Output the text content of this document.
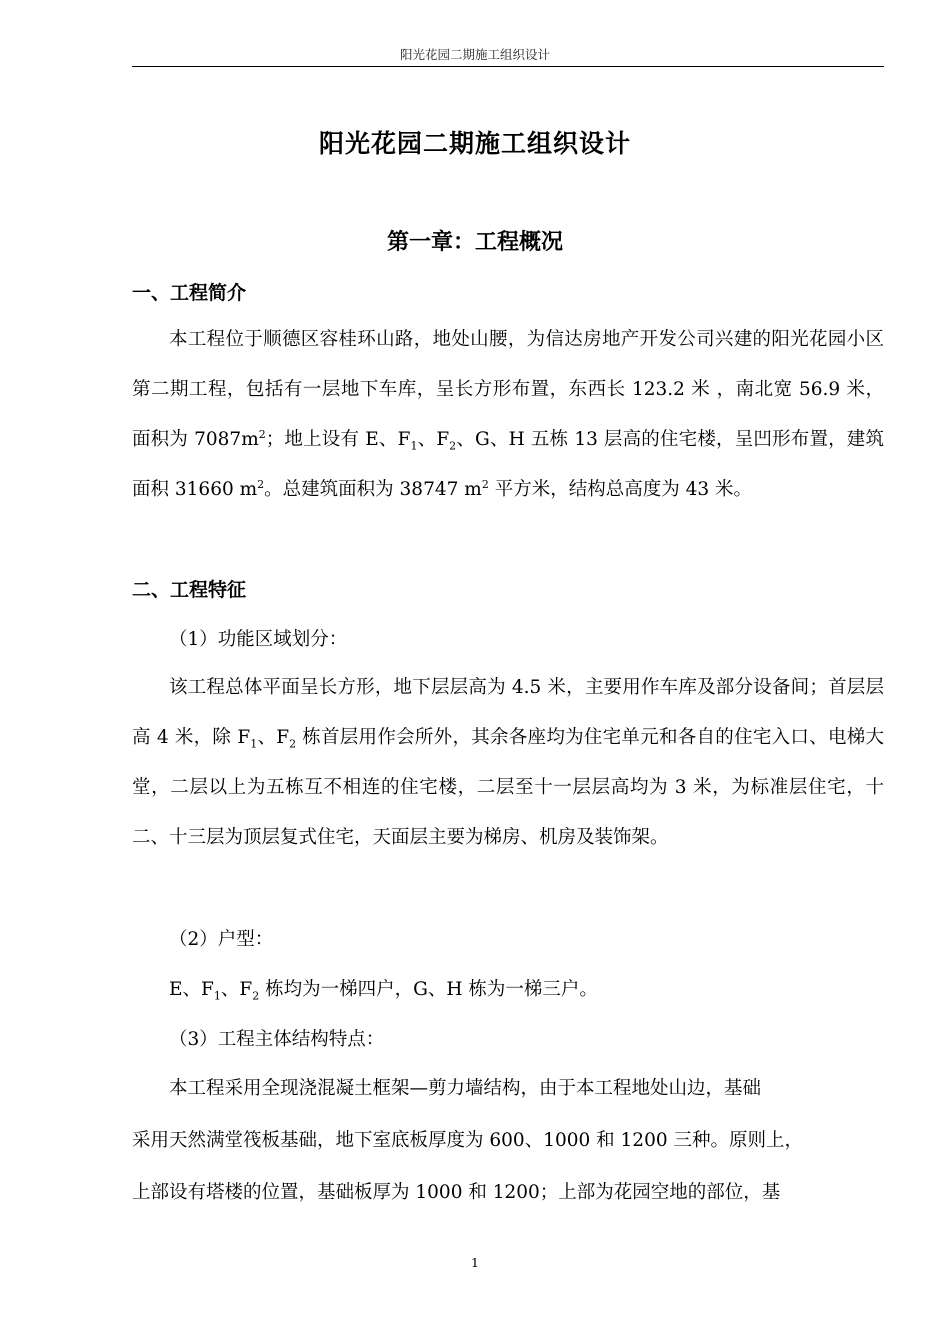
阳光花园二期施工组织设计
阳光花园二期施工组织设计
第一章：工程概况
一、工程简介
本工程位于顺德区容桂环山路，地处山腰，为信达房地产开发公司兴建的阳光花园小区第二期工程，包括有一层地下车库，呈长方形布置，东西长 123.2 米 ，南北宽 56.9 米，面积为 $7087m^2$；地上设有 E、$F_1$、$F_2$、G、H 五栋 13 层高的住宅楼，呈凹形布置，建筑面积 31660 $m^2$。总建筑面积为 38747 $m^2$ 平方米，结构总高度为 43 米。
二、工程特征
（1）功能区域划分：
该工程总体平面呈长方形，地下层层高为 4.5 米，主要用作车库及部分设备间；首层层高 4 米，除 $F_1$、$F_2$ 栋首层用作会所外，其余各座均为住宅单元和各自的住宅入口、电梯大堂，二层以上为五栋互不相连的住宅楼，二层至十一层层高均为 3 米，为标准层住宅，十二、十三层为顶层复式住宅，天面层主要为梯房、机房及装饰架。
（2）户型：
E、$F_1$、$F_2$ 栋均为一梯四户，G、H 栋为一梯三户。
（3）工程主体结构特点：
本工程采用全现浇混凝土框架—剪力墙结构，由于本工程地处山边，基础
采用天然满堂筏板基础，地下室底板厚度为 600、1000 和 1200 三种。原则上，
上部设有塔楼的位置，基础板厚为 1000 和 1200；上部为花园空地的部位，基
1
